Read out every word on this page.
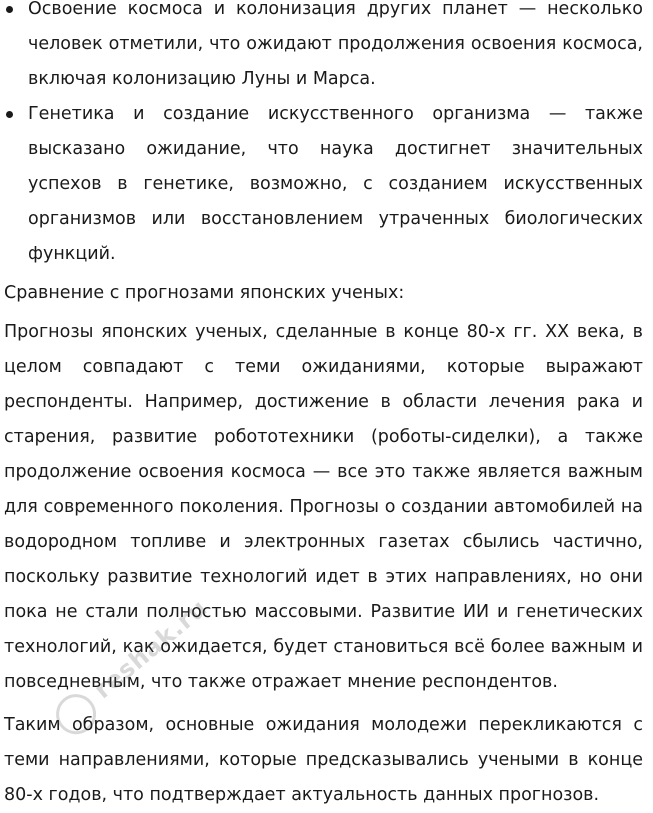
Освоение космоса и колонизация других планет — несколько человек отметили, что ожидают продолжения освоения космоса, включая колонизацию Луны и Марса.
Генетика и создание искусственного организма — также высказано ожидание, что наука достигнет значительных успехов в генетике, возможно, с созданием искусственных организмов или восстановлением утраченных биологических функций.

Сравнение с прогнозами японских ученых:

Прогнозы японских ученых, сделанные в конце 80-х гг. XX века, в целом совпадают с теми ожиданиями, которые выражают респонденты. Например, достижение в области лечения рака и старения, развитие робототехники (роботы-сиделки), а также продолжение освоения космоса — все это также является важным для современного поколения. Прогнозы о создании автомобилей на водородном топливе и электронных газетах сбылись частично, поскольку развитие технологий идет в этих направлениях, но они пока не стали полностью массовыми. Развитие ИИ и генетических технологий, как ожидается, будет становиться всё более важным и повседневным, что также отражает мнение респондентов.

Таким образом, основные ожидания молодежи перекликаются с теми направлениями, которые предсказывались учеными в конце 80-х годов, что подтверждает актуальность данных прогнозов.

reshak.ru
